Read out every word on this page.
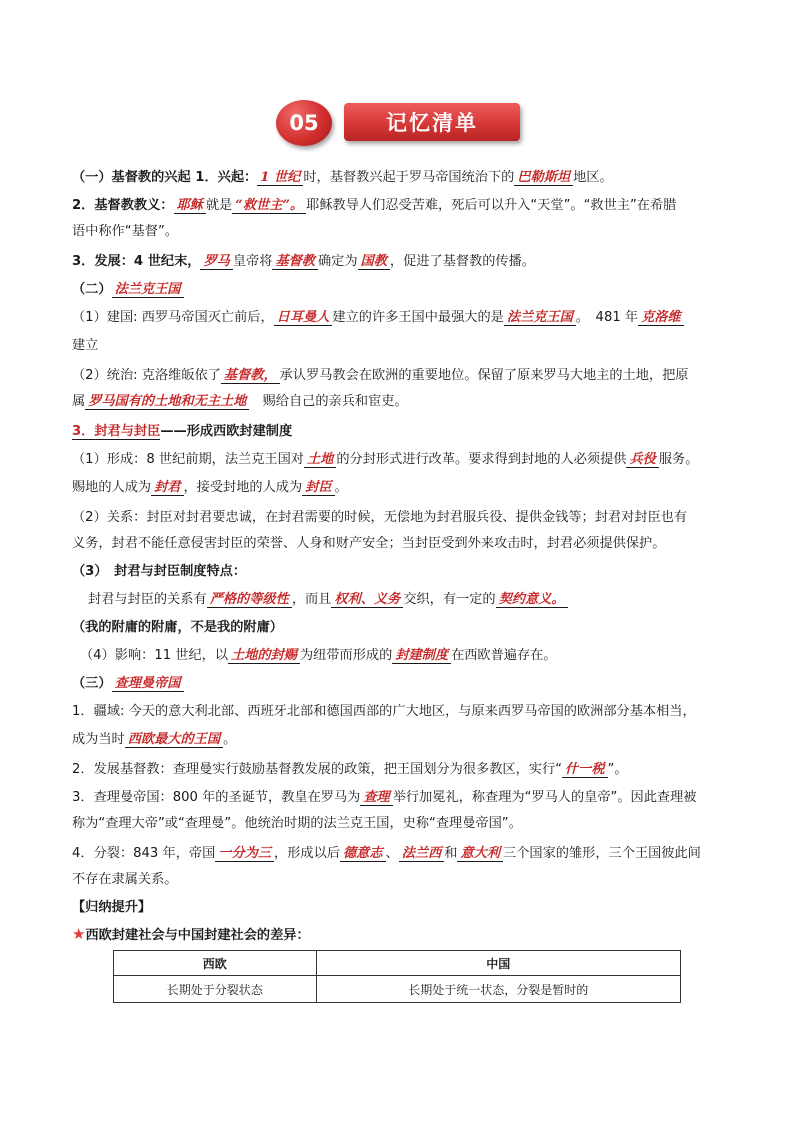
05	记忆清单
（一）基督教的兴起 1．兴起： 1 世纪 时，基督教兴起于罗马帝国统治下的 巴勒斯坦 地区。
2．基督教教义： 耶稣 就是 “救世主”。 耶稣教导人们忍受苦难，死后可以升入“天堂”。“救世主”在希腊
语中称作“基督”。
3．发展：4 世纪末， 罗马 皇帝将 基督教 确定为 国教 ，促进了基督教的传播。
（二） 法兰克王国
（1）建国: 西罗马帝国灭亡前后， 日耳曼人 建立的许多王国中最强大的是 法兰克王国 。　481 年 克洛维
建立
（2）统治: 克洛维皈依了 基督教， 承认罗马教会在欧洲的重要地位。保留了原来罗马大地主的土地，把原
属 罗马国有的土地和无主土地　赐给自己的亲兵和宦吏。
3．封君与封臣——形成西欧封建制度
（1）形成：8 世纪前期，法兰克王国对 土地 的分封形式进行改革。要求得到封地的人必须提供 兵役 服务。
赐地的人成为 封君 ，接受封地的人成为 封臣 。
（2）关系：封臣对封君要忠诚，在封君需要的时候，无偿地为封君服兵役、提供金钱等；封君对封臣也有
义务，封君不能任意侵害封臣的荣誉、人身和财产安全；当封臣受到外来攻击时，封君必须提供保护。
（3）　封君与封臣制度特点：
封君与封臣的关系有 严格的等级性 ，而且 权利、义务 交织，有一定的 契约意义。
（我的附庸的附庸，不是我的附庸）
（4）影响：11 世纪，以 土地的封赐 为纽带而形成的 封建制度 在西欧普遍存在。
（三） 查理曼帝国
1．疆域: 今天的意大利北部、西班牙北部和德国西部的广大地区，与原来西罗马帝国的欧洲部分基本相当，
成为当时 西欧最大的王国 。
2．发展基督教：查理曼实行鼓励基督教发展的政策，把王国划分为很多教区，实行“ 什一税 ”。
3．查理曼帝国：800 年的圣诞节，教皇在罗马为 查理 举行加冕礼，称查理为“罗马人的皇帝”。因此查理被
称为“查理大帝”或“查理曼”。他统治时期的法兰克王国，史称“查理曼帝国”。
4．分裂：843 年，帝国 一分为三 ，形成以后 德意志 、 法兰西 和 意大利 三个国家的雏形，三个王国彼此间
不存在隶属关系。
【归纳提升】
★西欧封建社会与中国封建社会的差异：
西欧	中国
长期处于分裂状态	长期处于统一状态，分裂是暂时的
